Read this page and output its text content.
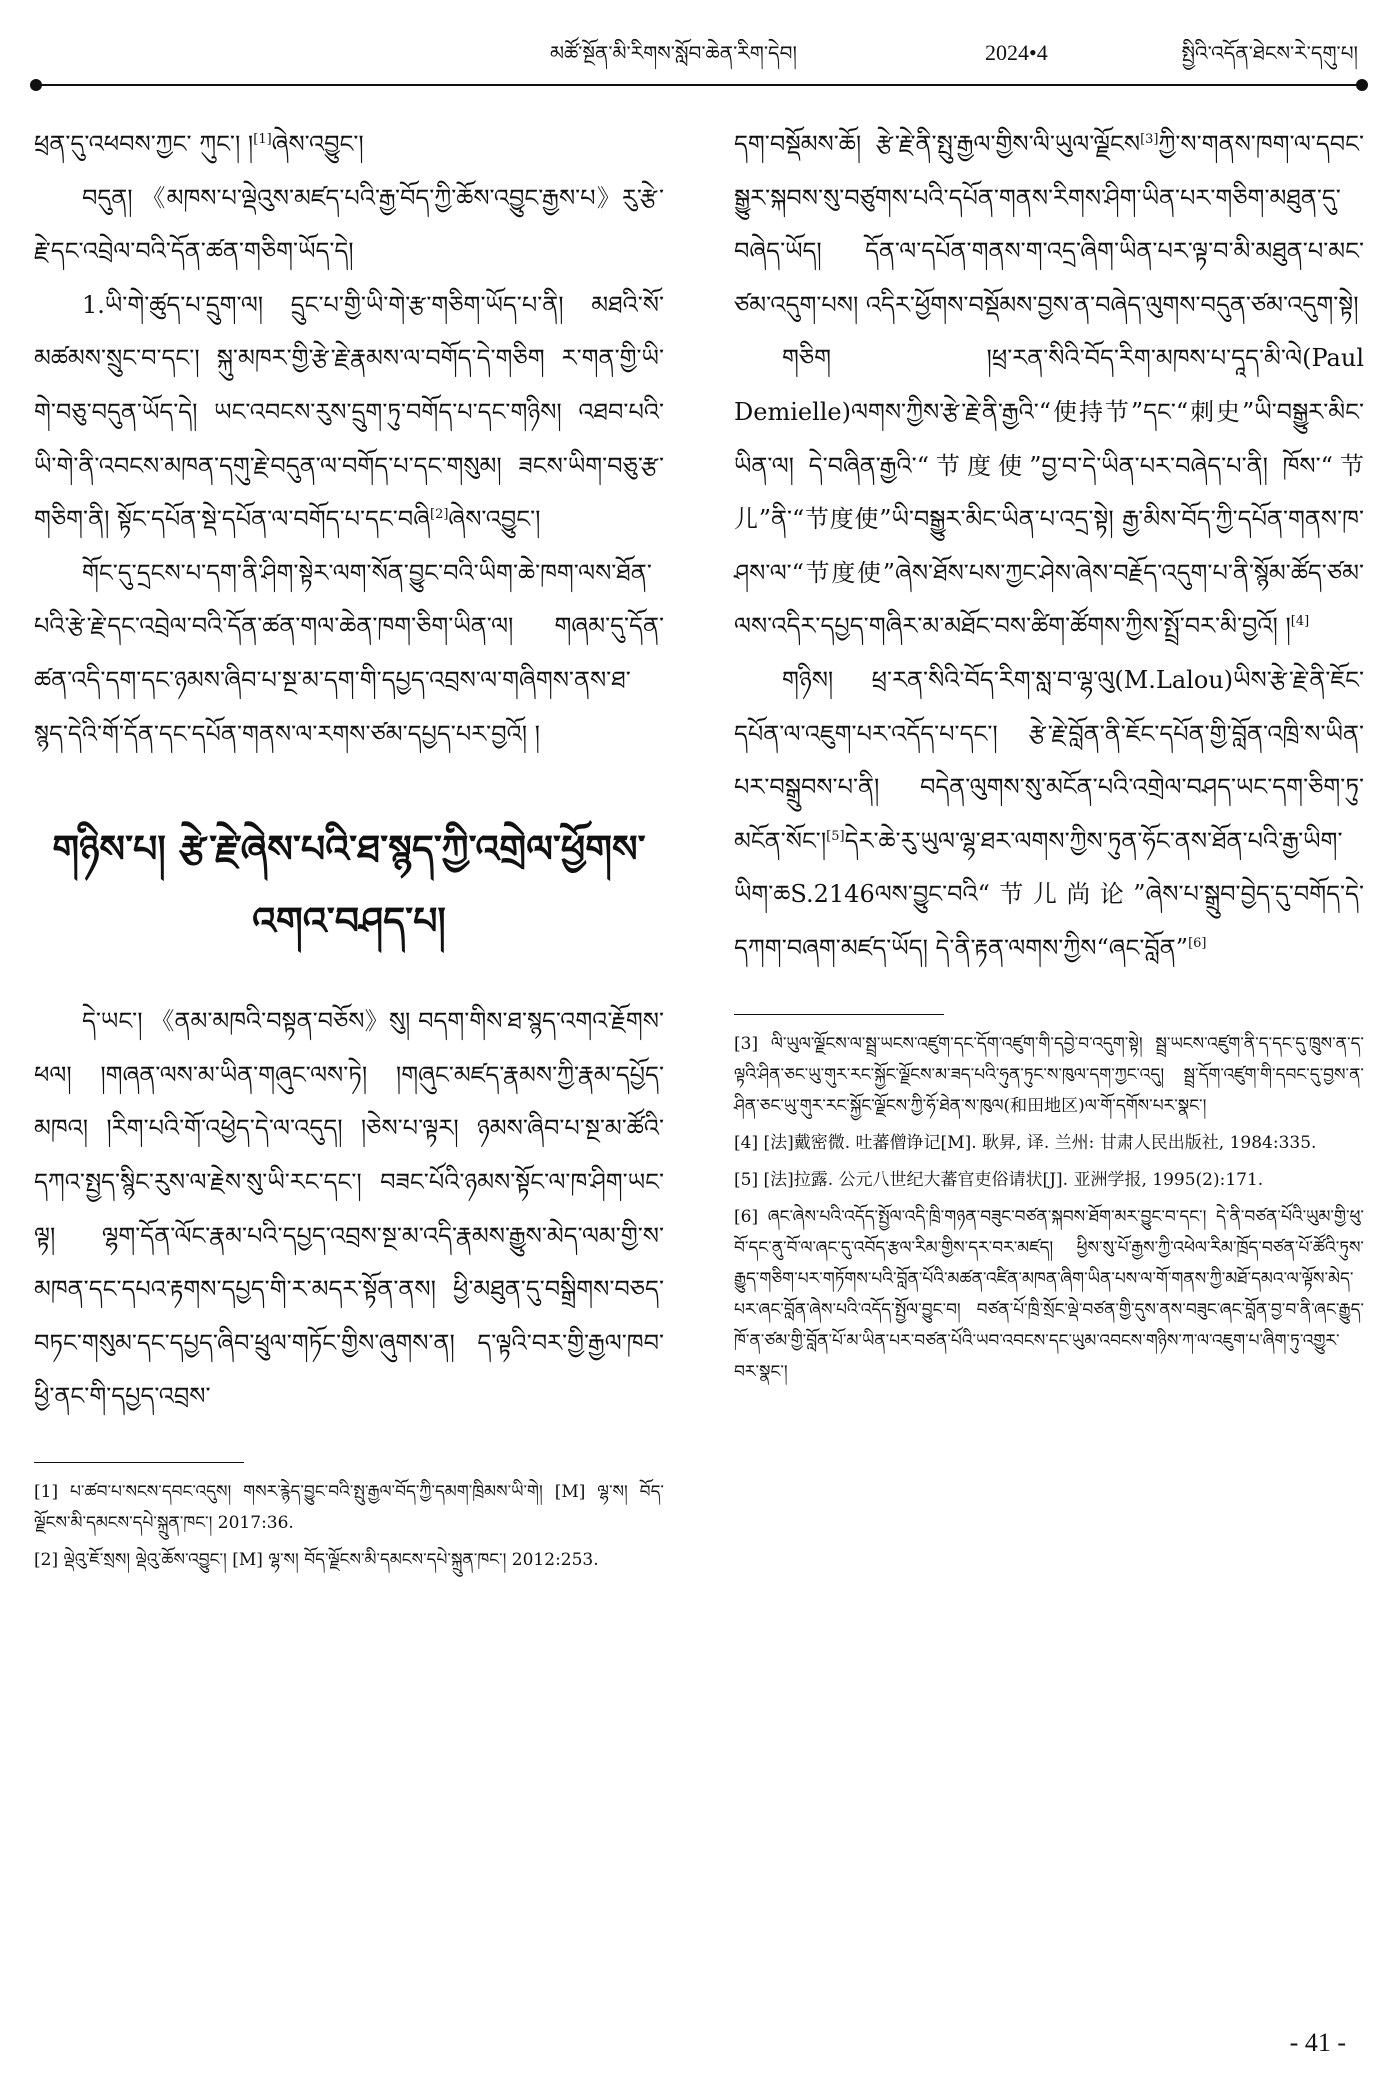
མཚོ་སྔོན་མི་རིགས་སློབ་ཆེན་རིག་དེབ།	2024•4	སྤྱིའི་འདོན་ཐེངས་རེ་དགུ་པ།

ཕྲན་དུ་འཕབས་ཀྱང་ ཀུང་། །[1]ཞེས་འབྱུང་།

བདུན། 《མཁས་པ་ལྡེའུས་མཛད་པའི་རྒྱ་བོད་ཀྱི་ཆོས་འབྱུང་རྒྱས་པ》རུ་རྩེ་རྗེ་དང་འབྲེལ་བའི་དོན་ཚན་གཅིག་ཡོད་དེ།

1.ཡི་གེ་ཚུད་པ་དྲུག་ལ། དྲུང་པ་གྱི་ཡི་གེ་རྩ་གཅིག་ཡོད་པ་ནི། མཐའི་སོ་མཚམས་སྲུང་བ་དང་། སྐུ་མཁར་གྱི་རྩེ་རྗེ་རྣམས་ལ་བགོད་དེ་གཅིག ར་གན་གྱི་ཡི་གེ་བཅུ་བདུན་ཡོད་དེ། ཡང་འབངས་རུས་དྲུག་ཏུ་བགོད་པ་དང་གཉིས། འཐབ་པའི་ཡི་གེ་ནི་འབངས་མཁན་དགུ་རྗེ་བདུན་ལ་བགོད་པ་དང་གསུམ། ཟངས་ཡིག་བཅུ་རྩ་གཅིག་ནི། སྟོང་དཔོན་སྡེ་དཔོན་ལ་བགོད་པ་དང་བཞི[2]ཞེས་འབྱུང་།

གོང་དུ་དྲངས་པ་དག་ནི་ཤིག་སྟེར་ལག་སོན་བྱུང་བའི་ཡིག་ཆེ་ཁག་ལས་ཐོན་པའི་རྩེ་རྗེ་དང་འབྲེལ་བའི་དོན་ཚན་གལ་ཆེན་ཁག་ཅིག་ཡིན་ལ། གཞམ་དུ་དོན་ཚན་འདི་དག་དང་ཉམས་ཞིབ་པ་སྔ་མ་དག་གི་དཔྱད་འབྲས་ལ་གཞིགས་ནས་ཐ་སྙད་དེའི་གོ་དོན་དང་དཔོན་གནས་ལ་རགས་ཙམ་དཔྱད་པར་བྱའོ། །

གཉིས་པ། རྩེ་རྗེ་ཞེས་པའི་ཐ་སྙད་ཀྱི་འགྲེལ་ཕྱོགས་འགའ་བཤད་པ།

དེ་ཡང་། 《ནམ་མཁའི་བསྟན་བཅོས》སུ། བདག་གིས་ཐ་སྙད་འགའ་རྗོགས་ཕལ། །གཞན་ལས་མ་ཡིན་གཞུང་ལས་ཏེ། །གཞུང་མཛད་རྣམས་ཀྱི་རྣམ་དཔྱོད་མཁའ། །རིག་པའི་གོ་འཕྱེད་དེ་ལ་འདུད། །ཅེས་པ་ལྟར། ཉམས་ཞིབ་པ་སྔ་མ་ཚོའི་དཀའ་སྤྱད་སྙིང་རུས་ལ་རྗེས་སུ་ཡི་རང་དང་། བཟང་པོའི་ཉམས་སྟོང་ལ་ཁ་ཤིག་ཡང་ལྟ། ལྷག་དོན་ལོང་རྣམ་པའི་དཔྱད་འབྲས་སྔ་མ་འདི་རྣམས་རྒྱུས་མེད་ལམ་གྱི་ས་མཁན་དང་དཔའ་རྟགས་དཔྱད་གི་ར་མདར་སྟོན་ནས། ཕྱི་མཐུན་དུ་བསྒྲིགས་བཅད་བཏང་གསུམ་དང་དཔྱད་ཞིབ་ཕྲུལ་གཏོང་གྱིས་ཞུགས་ན། ད་ལྟའི་བར་གྱི་རྒྱལ་ཁབ་ཕྱི་ནང་གི་དཔྱད་འབྲས་

[1] པ་ཚབ་པ་སངས་དབང་འདུས། གསར་རྙེད་བྱུང་བའི་སྤུ་རྒྱལ་བོད་ཀྱི་དམག་ཁྲིམས་ཡི་གེ། [M] ལྷ་ས། བོད་ལྗོངས་མི་དམངས་དཔེ་སྐྲུན་ཁང་། 2017:36.

[2] ལྡེའུ་ཇོ་སྲས། ལྡེའུ་ཆོས་འབྱུང་། [M] ལྷ་ས། བོད་ལྗོངས་མི་དམངས་དཔེ་སྐྲུན་ཁང་། 2012:253.

དག་བསྡོམས་ཆོ། རྩེ་རྗེ་ནི་སྤུ་རྒྱལ་གྱིས་ལི་ཡུལ་ལྗོངས[3]ཀྱི་ས་གནས་ཁག་ལ་དབང་སྒྱུར་སྐབས་སུ་བཙུགས་པའི་དཔོན་གནས་རིགས་ཤིག་ཡིན་པར་གཅིག་མཐུན་དུ་བཞེད་ཡོད། དོན་ལ་དཔོན་གནས་ག་འདྲ་ཞིག་ཡིན་པར་ལྟ་བ་མི་མཐུན་པ་མང་ཙམ་འདུག་པས། འདིར་ཕྱོགས་བསྡོམས་བྱས་ན་བཞེད་ལུགས་བདུན་ཙམ་འདུག་སྟེ།

གཅིག །ཕྲ་རན་སིའི་བོད་རིག་མཁས་པ་དཱད་མི་ལེ(Paul Demielle)ལགས་ཀྱིས་རྩེ་རྗེ་ནི་རྒྱའི་“使持节”དང་“刺史”ཡི་བསྒྱུར་མིང་ཡིན་ལ། དེ་བཞིན་རྒྱའི་“节度使”བྱ་བ་དེ་ཡིན་པར་བཞེད་པ་ནི། ཁོས་“节儿”ནི་“节度使”ཡི་བསྒྱུར་མིང་ཡིན་པ་འདྲ་སྟེ། རྒྱ་མིས་བོད་ཀྱི་དཔོན་གནས་ཁ་ཤས་ལ་“节度使”ཞེས་ཐོས་པས་ཀྱང་ཤེས་ཞེས་བརྗོད་འདུག་པ་ནི་སྙོམ་ཚོད་ཙམ་ལས་འདིར་དཔྱད་གཞིར་མ་མཐོང་བས་ཚིག་ཚོགས་ཀྱིས་སྤྲོ་བར་མི་བྱའོ། །[4]

གཉིས། ཕྲ་རན་སིའི་བོད་རིག་སླ་བ་ལྷ་ལུ(M.Lalou)ཡིས་རྩེ་རྗེ་ནི་ཇོང་དཔོན་ལ་འཇུག་པར་འདོད་པ་དང་། རྩེ་རྗེ་བློན་ནི་ཇོང་དཔོན་གྱི་བློན་འཁྲི་ས་ཡིན་པར་བསྒྲུབས་པ་ནི། བདེན་ལུགས་སུ་མངོན་པའི་འགྲེལ་བཤད་ཡང་དག་ཅིག་ཏུ་མངོན་སོང་།[5]དེར་ཆེ་རུ་ཡུལ་ལྷ་ཐར་ལགས་ཀྱིས་ཏུན་ཧོང་ནས་ཐོན་པའི་རྒྱ་ཡིག་ཡིག་ཆS.2146ལས་བྱུང་བའི“节儿尚论”ཞེས་པ་སྒྲུབ་བྱེད་དུ་བགོད་དེ་དཀག་བཞག་མཛད་ཡོད། དེ་ནི་རྟན་ལགས་ཀྱིས“ཞང་བློན”[6]

[3] ལི་ཡུལ་ལྗོངས་ལ་སྦྲ་ཡངས་འཛུག་དང་དོག་འཛུག་གི་དབྱེ་བ་འདུག་སྟེ། སྦྲ་ཡངས་འཛུག་ནི་ད་དང་དུ་ཁྲུས་ན་ད་ལྟའི་ཤིན་ཅང་ཡུ་གུར་རང་སྐྱོང་ལྗོངས་མ་ཟད་པའི་ཧུན་ཏུང་ས་ཁུལ་དག་ཀྱང་འདུ། སྦྲ་དོག་འཛུག་གི་དབང་དུ་བྱས་ན་ཤིན་ཅང་ཡུ་གུར་རང་སྐྱོང་ལྗོངས་ཀྱི་ཧོ་ཐེན་ས་ཁུལ(和田地区)ལ་གོ་དགོས་པར་སྣང་།

[4] [法]戴密微. 吐蕃僧诤记[M]. 耿昇, 译. 兰州: 甘肃人民出版社, 1984:335.

[5] [法]拉露. 公元八世纪大蕃官吏俗请状[J]. 亚洲学报, 1995(2):171.

[6] ཞང་ཞེས་པའི་འདོད་སྤྱོལ་འདི་ཁྲི་གཉན་བཟུང་བཙན་སྐབས་ཐོག་མར་བྱུང་བ་དང་། དེ་ནི་བཙན་པོའི་ཡུམ་གྱི་ཕུ་བོ་དང་ནུ་བོ་ལ་ཞང་དུ་འབོད་རྩལ་རིམ་གྱིས་དར་བར་མཛད། ཕྱིས་སུ་པོ་རྒྱས་ཀྱི་འཕེལ་རིམ་ཁྲོད་བཙན་པོ་ཚོའི་ཏུས་རྒྱུད་གཅིག་པར་གཏོགས་པའི་བློན་པོའི་མཚན་འཛིན་མཁན་ཞིག་ཡིན་པས་ལ་གོ་གནས་ཀྱི་མཐོ་དམའ་ལ་ལྟོས་མེད་པར་ཞང་བློན་ཞེས་པའི་འདོད་སྤྱོལ་བྱུང་བ། བཙན་པོ་ཁྲི་སྲོང་ལྡེ་བཙན་གྱི་དུས་ནས་བཟུང་ཞང་བློན་བྱ་བ་ནི་ཞང་རྒྱུད་ཁོ་ན་ཙམ་གྱི་བློན་པོ་མ་ཡིན་པར་བཙན་པོའི་ཡབ་འབངས་དང་ཡུམ་འབངས་གཉིས་ཀ་ལ་འཇུག་པ་ཞིག་ཏུ་འགྱུར་བར་སྣང་།

- 41 -
